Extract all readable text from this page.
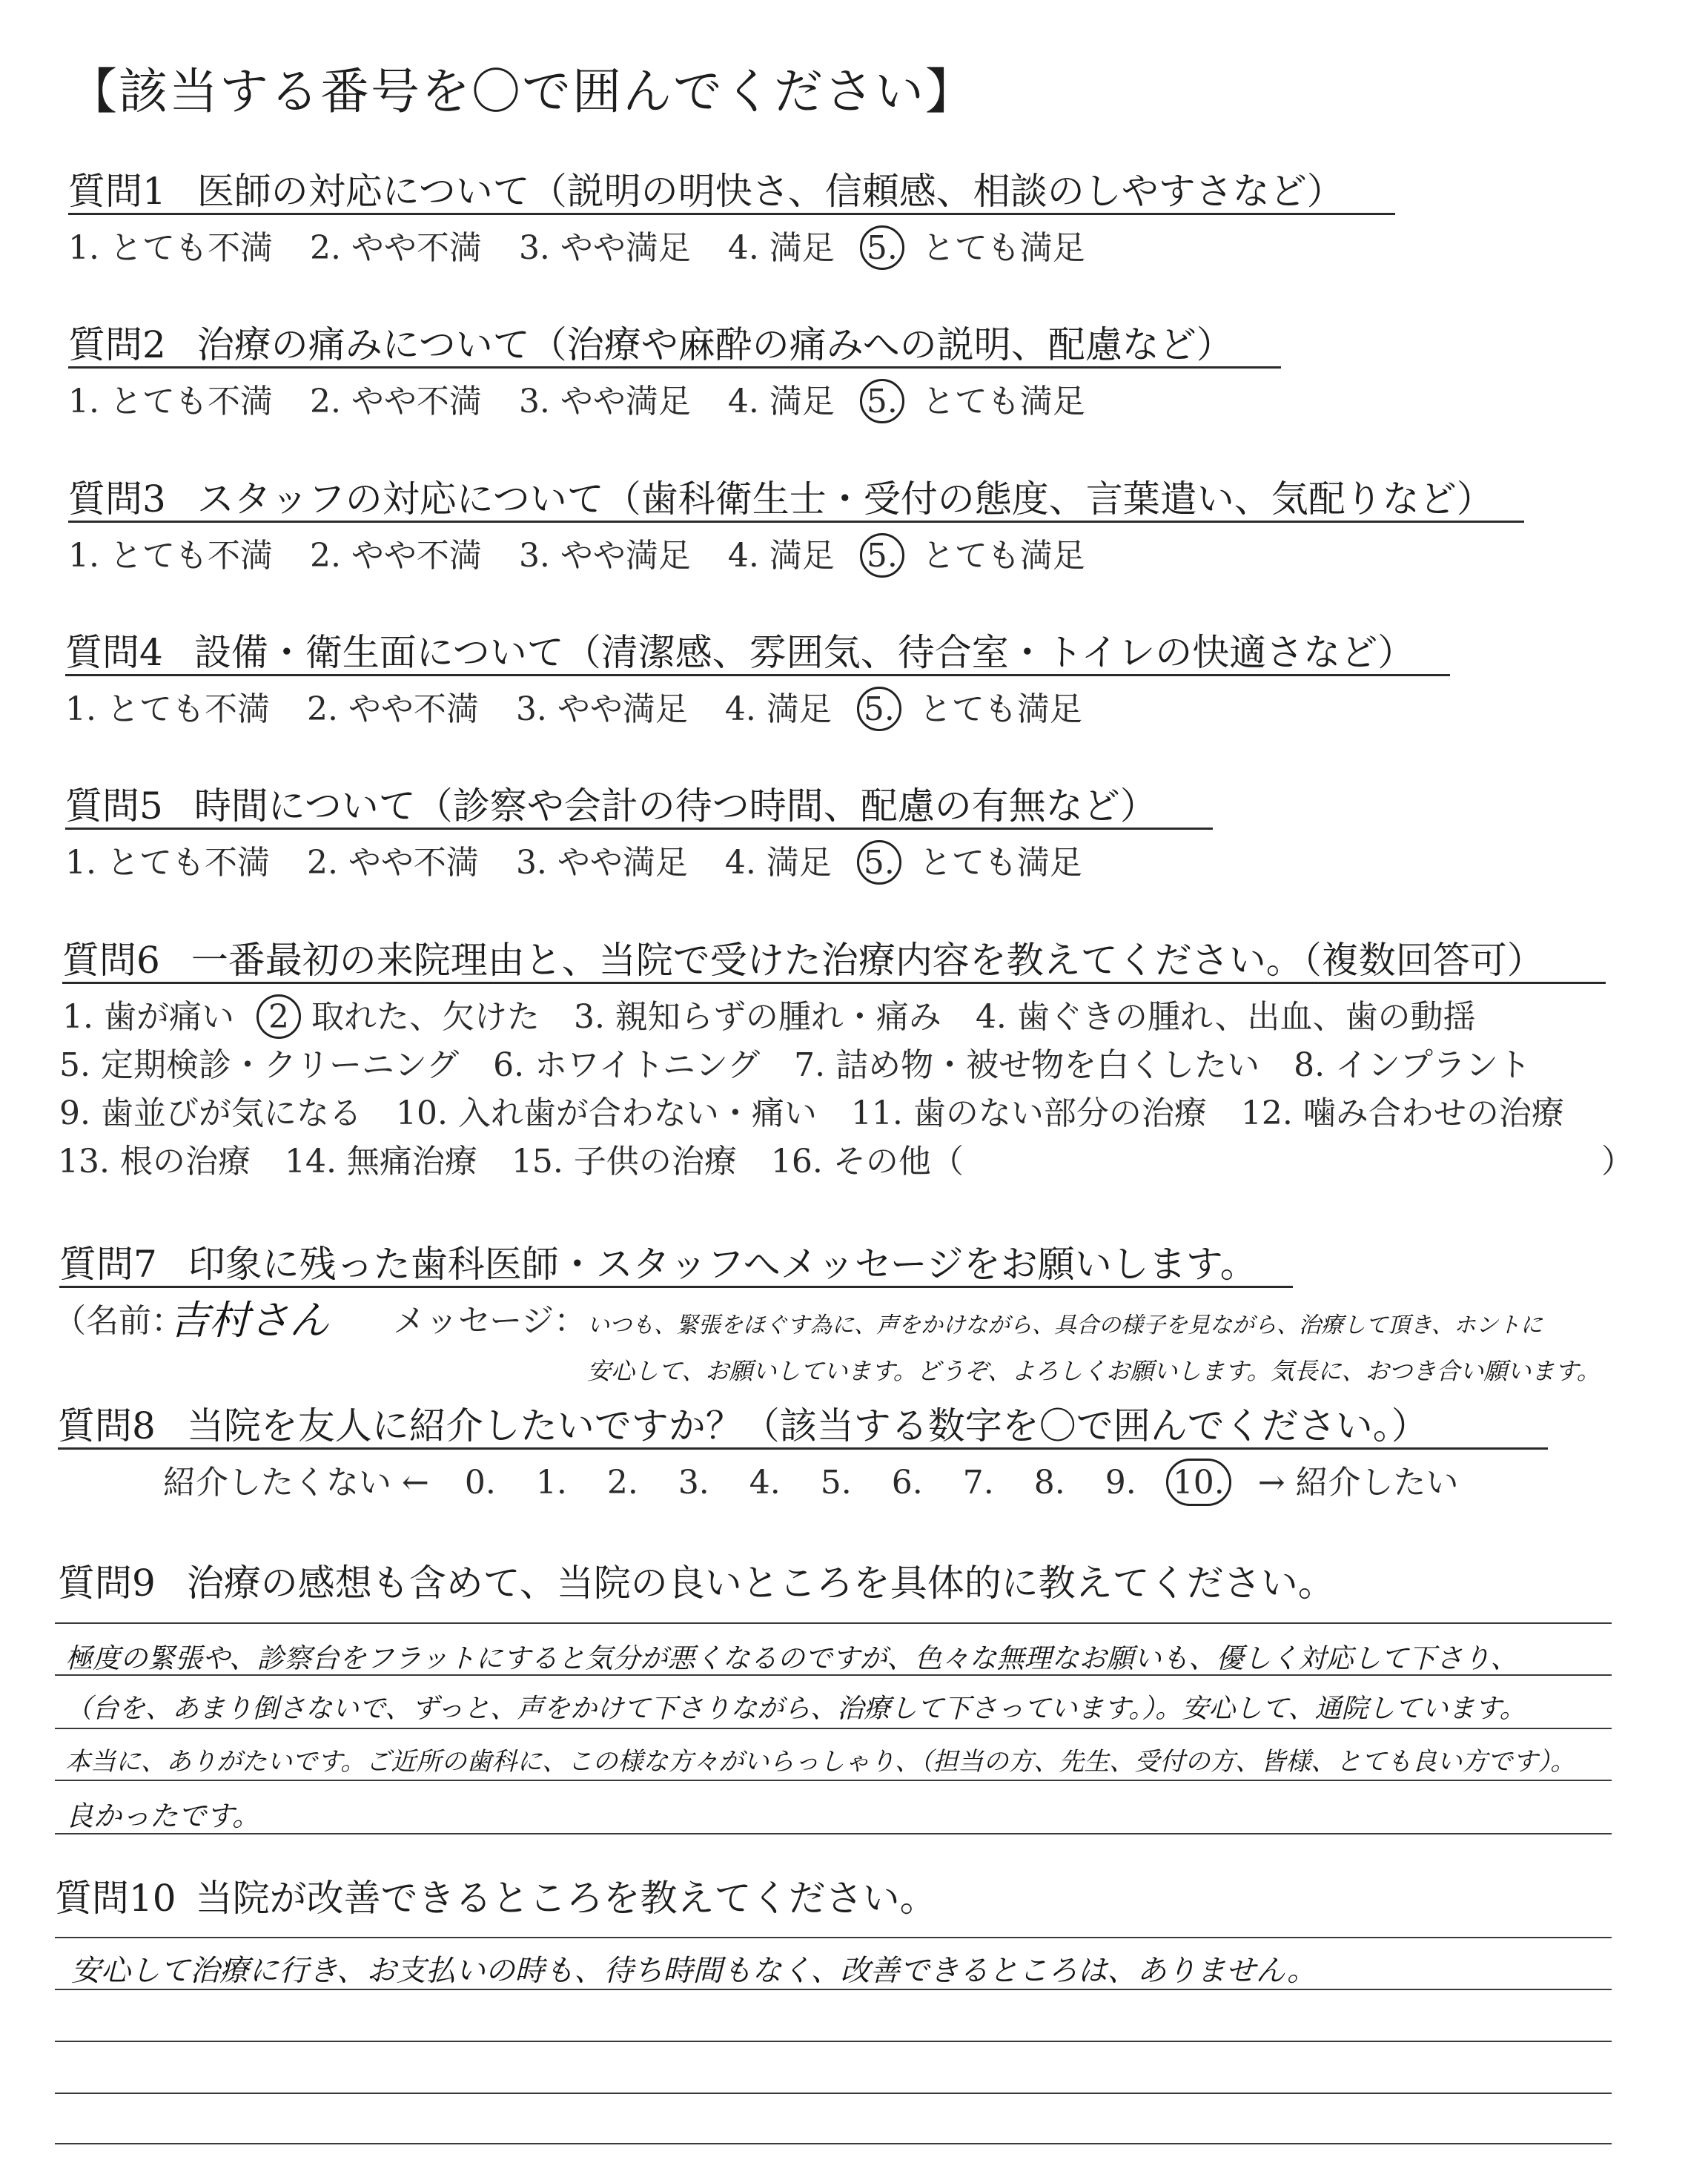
【該当する番号を〇で囲んでください】
質問1 医師の対応について（説明の明快さ、信頼感、相談のしやすさなど）
1. とても不満 2. やや不満 3. やや満足 4. 満足 5. とても満足
質問2 治療の痛みについて（治療や麻酔の痛みへの説明、配慮など）
1. とても不満 2. やや不満 3. やや満足 4. 満足 5. とても満足
質問3 スタッフの対応について（歯科衛生士・受付の態度、言葉遣い、気配りなど）
1. とても不満 2. やや不満 3. やや満足 4. 満足 5. とても満足
質問4 設備・衛生面について（清潔感、雰囲気、待合室・トイレの快適さなど）
1. とても不満 2. やや不満 3. やや満足 4. 満足 5. とても満足
質問5 時間について（診察や会計の待つ時間、配慮の有無など）
1. とても不満 2. やや不満 3. やや満足 4. 満足 5. とても満足
質問6 一番最初の来院理由と、当院で受けた治療内容を教えてください。（複数回答可）
1. 歯が痛い 2 取れた、欠けた 3. 親知らずの腫れ・痛み 4. 歯ぐきの腫れ、出血、歯の動揺
5. 定期検診・クリーニング 6. ホワイトニング 7. 詰め物・被せ物を白くしたい 8. インプラント
9. 歯並びが気になる 10. 入れ歯が合わない・痛い 11. 歯のない部分の治療 12. 噛み合わせの治療
13. 根の治療 14. 無痛治療 15. 子供の治療 16. その他（	）
質問7 印象に残った歯科医師・スタッフへメッセージをお願いします。
（名前：
吉村さん メッセージ： いつも、緊張をほぐす為に、声をかけながら、具合の様子を見ながら、治療して頂き、ホントに
安心して、お願いしています。どうぞ、よろしくお願いします。気長に、おつき合い願います。
質問8 当院を友人に紹介したいですか？（該当する数字を〇で囲んでください。）
紹介したくない ← 0. 1. 2. 3. 4. 5. 6. 7. 8. 9. 10. → 紹介したい
質問9 治療の感想も含めて、当院の良いところを具体的に教えてください。
極度の緊張や、診察台をフラットにすると気分が悪くなるのですが、色々な無理なお願いも、優しく対応して下さり、
（台を、あまり倒さないで、ずっと、声をかけて下さりながら、治療して下さっています。）。安心して、通院しています。
本当に、ありがたいです。ご近所の歯科に、この様な方々がいらっしゃり、（担当の方、先生、受付の方、皆様、とても良い方です）。
良かったです。
質問10 当院が改善できるところを教えてください。
安心して治療に行き、お支払いの時も、待ち時間もなく、改善できるところは、ありません。
